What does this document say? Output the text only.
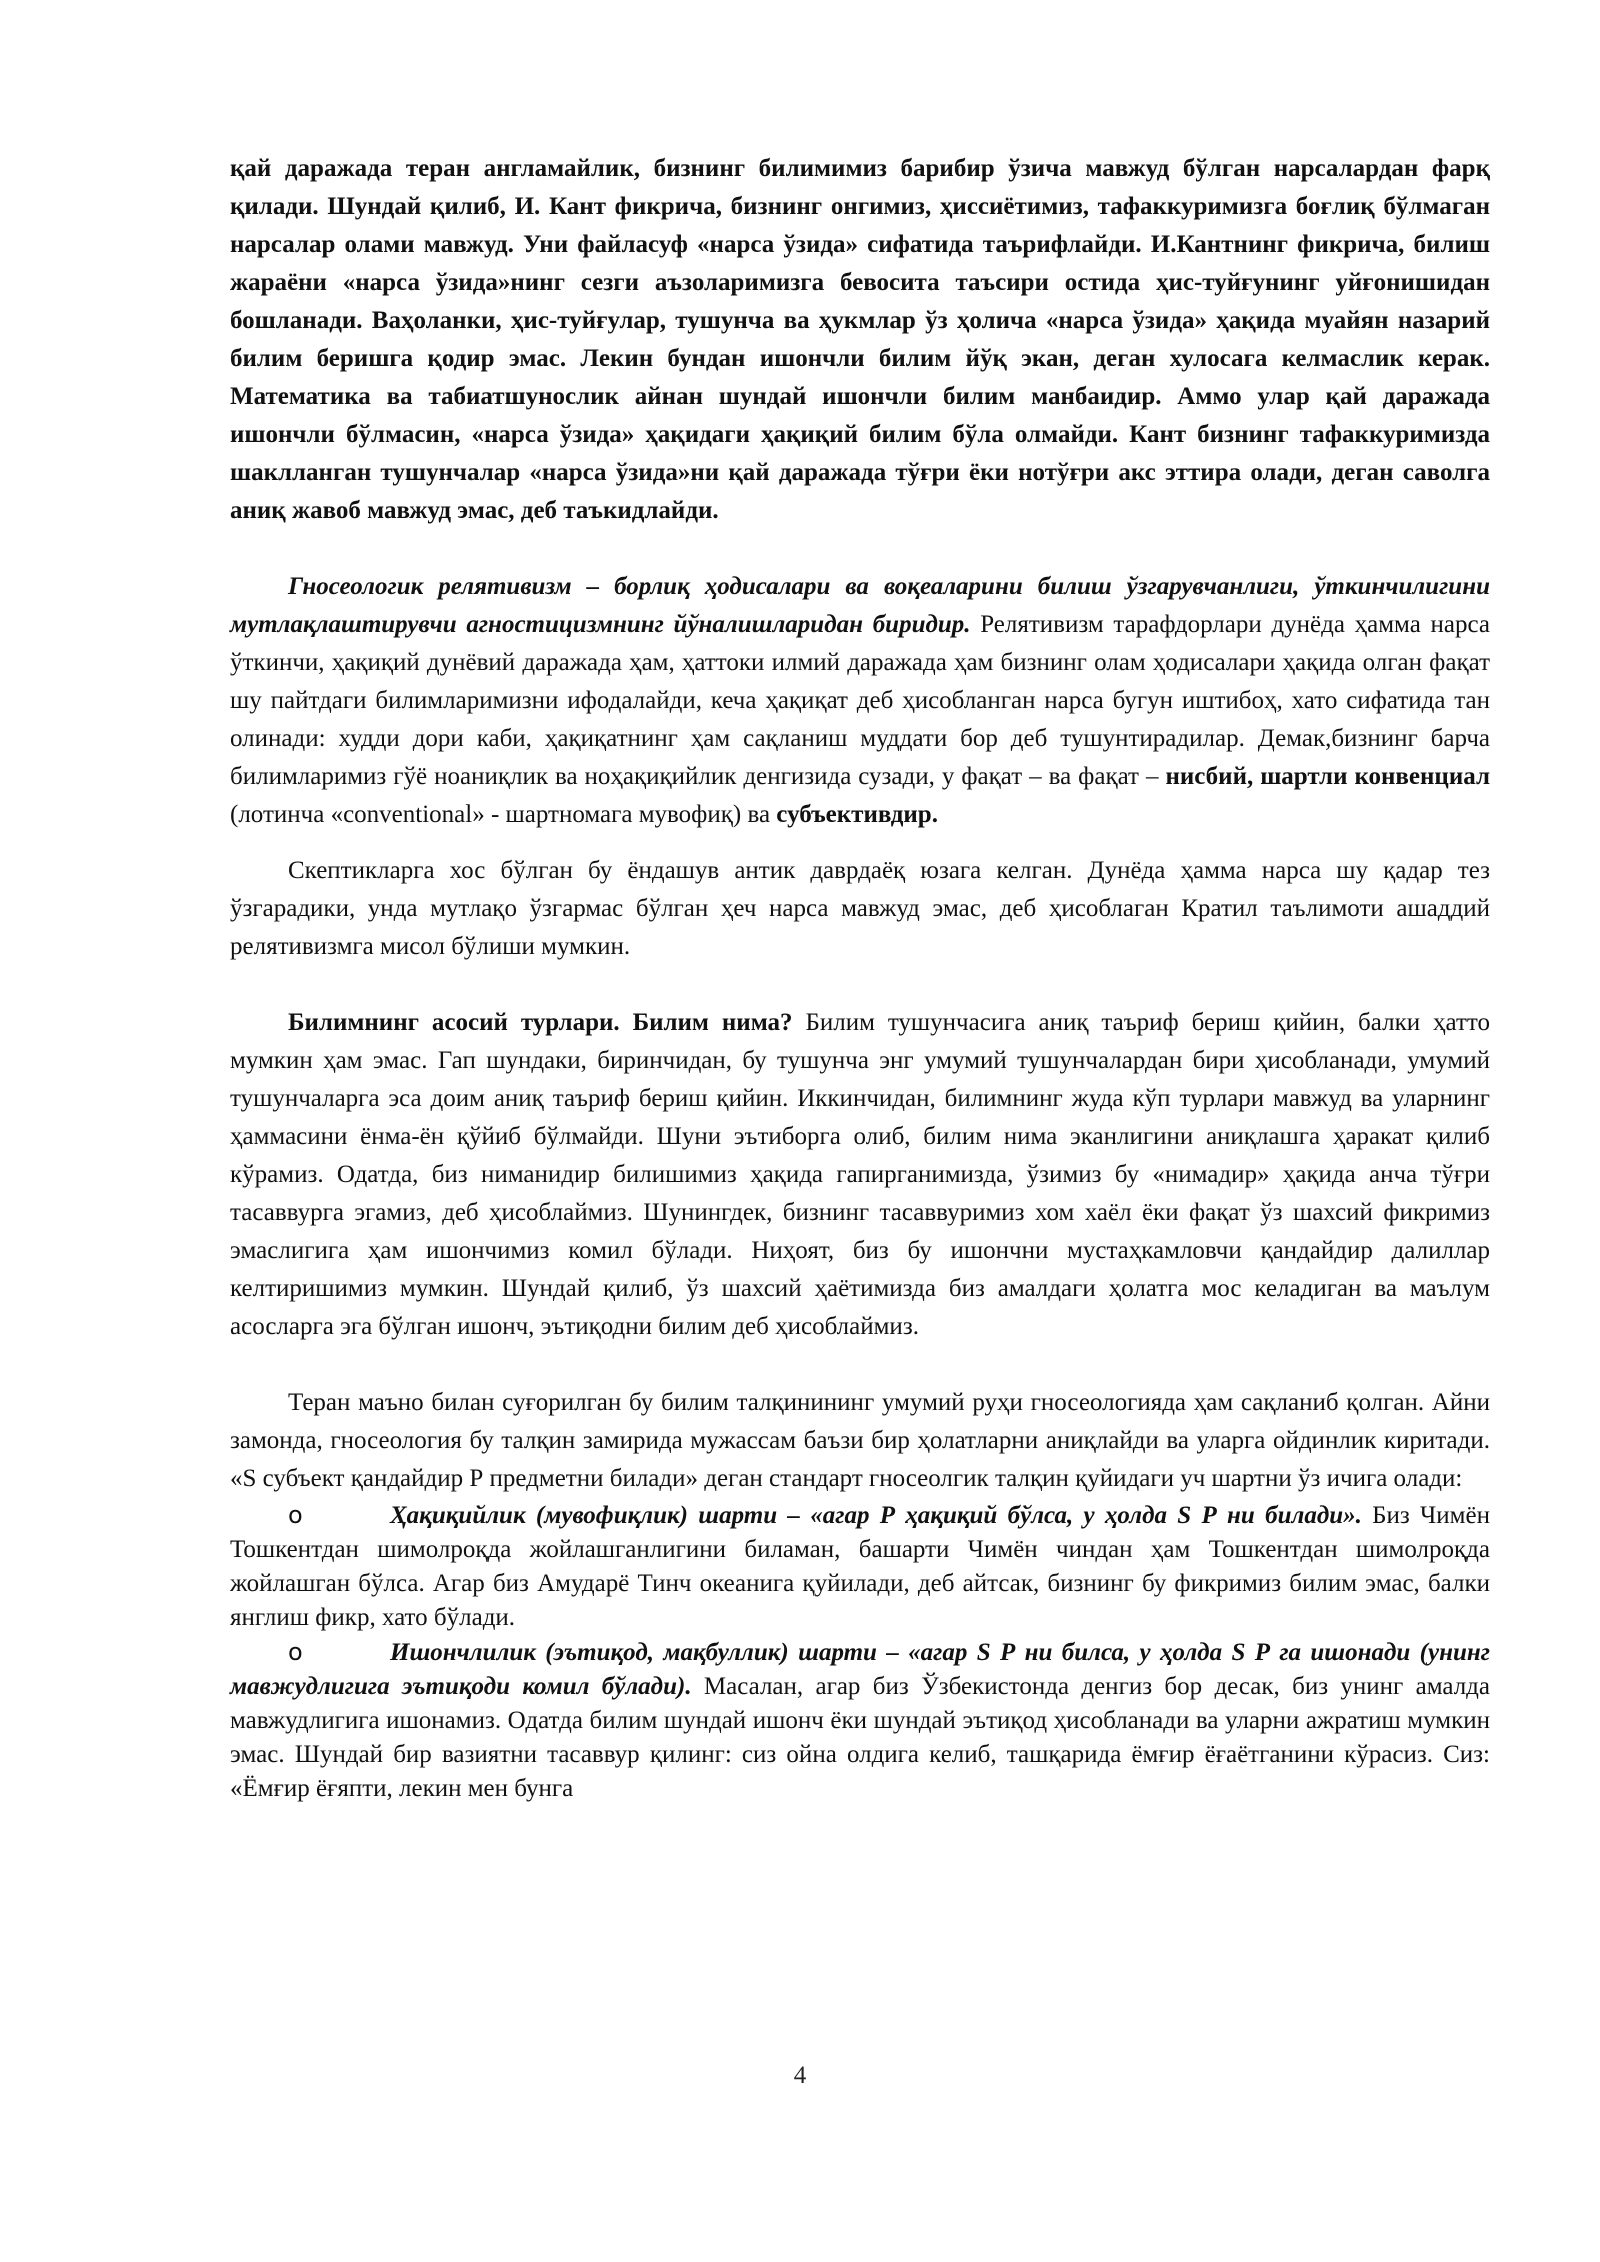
қай даражада теран англамайлик, бизнинг билимимиз барибир ўзича мавжуд бўлган нарсалардан фарқ қилади. Шундай қилиб, И. Кант фикрича, бизнинг онгимиз, ҳиссиётимиз, тафаккуримизга боғлиқ бўлмаган нарсалар олами мавжуд. Уни файласуф «нарса ўзида» сифатида таърифлайди. И.Кантнинг фикрича, билиш жараёни «нарса ўзида»нинг сезги аъзоларимизга бевосита таъсири остида ҳис-туйғунинг уйғонишидан бошланади. Вaҳоланки, ҳис-туйғулар, тушунча ва ҳукмлар ўз ҳолича «нарса ўзида» ҳақида муайян назарий билим беришга қодир эмас. Лекин бундан ишончли билим йўқ экан, деган хулосага келмаслик керак. Математика ва табиатшунослик айнан шундай ишончли билим манбаидир. Аммо улар қай даражада ишончли бўлмасин, «нарса ўзида» ҳақидаги ҳақиқий билим бўла олмайди. Кант бизнинг тафаккуримизда шаклланган тушунчалар «нарса ўзида»ни қай даражада тўғри ёки нотўғри акс эттира олади, деган саволга аниқ жавоб мавжуд эмас, деб таъкидлайди.

Гносеологик релятивизм – борлиқ ҳодисалари ва воқеаларини билиш ўзгарувчанлиги, ўткинчилигини мутлақлаштирувчи агностицизмнинг йўналишларидан биридир. Релятивизм тарафдорлари дунёда ҳамма нарса ўткинчи, ҳақиқий дунёвий даражада ҳам, ҳаттоки илмий даражада ҳам бизнинг олам ҳодисалари ҳақида олган фақат шу пайтдаги билимларимизни ифодалайди, кеча ҳақиқат деб ҳисобланган нарса бугун иштибоҳ, хато сифатида тан олинади: худди дори каби, ҳақиқатнинг ҳам сақланиш муддати бор деб тушунтирадилар. Демак,бизнинг барча билимларимиз гўё ноаниқлик ва ноҳақиқийлик денгизида сузади, у фақат – ва фақат – нисбий, шартли конвенциал (лотинча «conventional» - шартномага мувофиқ) ва субъективдир.

Скептикларга хос бўлган бу ёндашув антик даврдаёқ юзага келган. Дунёда ҳамма нарса шу қадар тез ўзгарадики, унда мутлақо ўзгармас бўлган ҳеч нарса мавжуд эмас, деб ҳисоблаган Кратил таълимоти ашаддий релятивизмга мисол бўлиши мумкин.

Билимнинг асосий турлари. Билим нима? Билим тушунчасига аниқ таъриф бериш қийин, балки ҳатто мумкин ҳам эмас. Гап шундаки, биринчидан, бу тушунча энг умумий тушунчалардан бири ҳисобланади, умумий тушунчаларга эса доим аниқ таъриф бериш қийин. Иккинчидан, билимнинг жуда кўп турлари мавжуд ва уларнинг ҳаммасини ёнма-ён қўйиб бўлмайди. Шуни эътиборга олиб, билим нима эканлигини аниқлашга ҳаракат қилиб кўрамиз. Одатда, биз ниманидир билишимиз ҳақида гапирганимизда, ўзимиз бу «нимадир» ҳақида анча тўғри тасаввурга эгамиз, деб ҳисоблаймиз. Шунингдек, бизнинг тасаввуримиз хом хаёл ёки фақат ўз шахсий фикримиз эмаслигига ҳам ишончимиз комил бўлади. Ниҳоят, биз бу ишончни мустаҳкамловчи қандайдир далиллар келтиришимиз мумкин. Шундай қилиб, ўз шахсий ҳаётимизда биз амалдаги ҳолатга мос келадиган ва маълум асосларга эга бўлган ишонч, эътиқодни билим деб ҳисоблаймиз.

Теран маъно билан суғорилган бу билим талқинининг умумий руҳи гносеологияда ҳам сақланиб қолган. Айни замонда, гносеология бу талқин замирида мужассам баъзи бир ҳолатларни аниқлайди ва уларга ойдинлик киритади. «S субъект қандайдир Р предметни билади» деган стандарт гносеолгик талқин қуйидаги уч шартни ўз ичига олади:

o	Ҳақиқийлик (мувофиқлик) шарти – «агар Р ҳақиқий бўлса, у ҳолда S Р ни билади». Биз Чимён Тошкентдан шимолроқда жойлашганлигини биламан, башарти Чимён чиндан ҳам Тошкентдан шимолроқда жойлашган бўлса. Агар биз Амударё Тинч океанига қуйилади, деб айтсак, бизнинг бу фикримиз билим эмас, балки янглиш фикр, хато бўлади.

o	Ишончлилик (эътиқод, мақбуллик) шарти – «агар S Р ни билса, у ҳолда S Р га ишонади (унинг мавжудлигига эътиқоди комил бўлади). Масалан, агар биз Ўзбекистонда денгиз бор десак, биз унинг амалда мавжудлигига ишонамиз. Одатда билим шундай ишонч ёки шундай эътиқод ҳисобланади ва уларни ажратиш мумкин эмас. Шундай бир вазиятни тасаввур қилинг: сиз ойна олдига келиб, ташқарида ёмғир ёғаётганини кўрасиз. Сиз: «Ёмғир ёғяпти, лекин мен бунга

4
